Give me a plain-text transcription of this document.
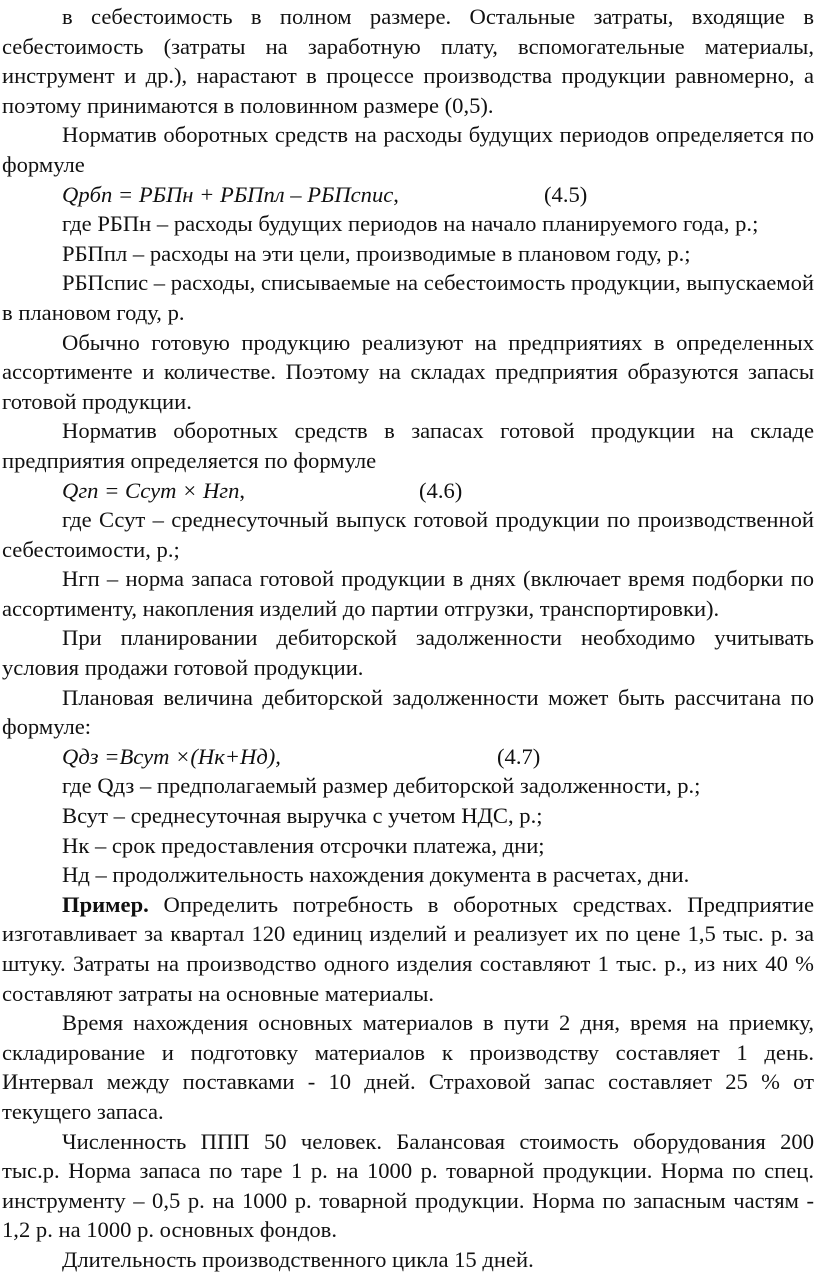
в себестоимость в полном размере. Остальные затраты, входящие в себестоимость (затраты на заработную плату, вспомогательные материалы, инструмент и др.), нарастают в процессе производства продукции равномерно, а поэтому принимаются в половинном размере (0,5).

Норматив оборотных средств на расходы будущих периодов определяется по формуле

Qрбп = РБПн + РБПпл – РБПспис,	(4.5)

где РБПн – расходы будущих периодов на начало планируемого года, р.;

РБПпл – расходы на эти цели, производимые в плановом году, р.;

РБПспис – расходы, списываемые на себестоимость продукции, выпускаемой в плановом году, р.

Обычно готовую продукцию реализуют на предприятиях в определенных ассортименте и количестве. Поэтому на складах предприятия образуются запасы готовой продукции.

Норматив оборотных средств в запасах готовой продукции на складе предприятия определяется по формуле

Qгп = Ссут × Нгп,	(4.6)

где Ссут – среднесуточный выпуск готовой продукции по производственной себестоимости, р.;

Нгп – норма запаса готовой продукции в днях (включает время подборки по ассортименту, накопления изделий до партии отгрузки, транспортировки).

При планировании дебиторской задолженности необходимо учитывать условия продажи готовой продукции.

Плановая величина дебиторской задолженности может быть рассчитана по формуле:

Qдз =Всут ×(Нк+Нд),	(4.7)

где Qдз – предполагаемый размер дебиторской задолженности, р.;

Всут – среднесуточная выручка с учетом НДС, р.;

Нк – срок предоставления отсрочки платежа, дни;

Нд – продолжительность нахождения документа в расчетах, дни.

Пример. Определить потребность в оборотных средствах. Предприятие изготавливает за квартал 120 единиц изделий и реализует их по цене 1,5 тыс. р. за штуку. Затраты на производство одного изделия составляют 1 тыс. р., из них 40 % составляют затраты на основные материалы.

Время нахождения основных материалов в пути 2 дня, время на приемку, складирование и подготовку материалов к производству составляет 1 день. Интервал между поставками - 10 дней. Страховой запас составляет 25 % от текущего запаса.

Численность ППП 50 человек. Балансовая стоимость оборудования 200 тыс.р. Норма запаса по таре 1 р. на 1000 р. товарной продукции. Норма по спец. инструменту – 0,5 р. на 1000 р. товарной продукции. Норма по запасным частям - 1,2 р. на 1000 р. основных фондов.

Длительность производственного цикла 15 дней.
